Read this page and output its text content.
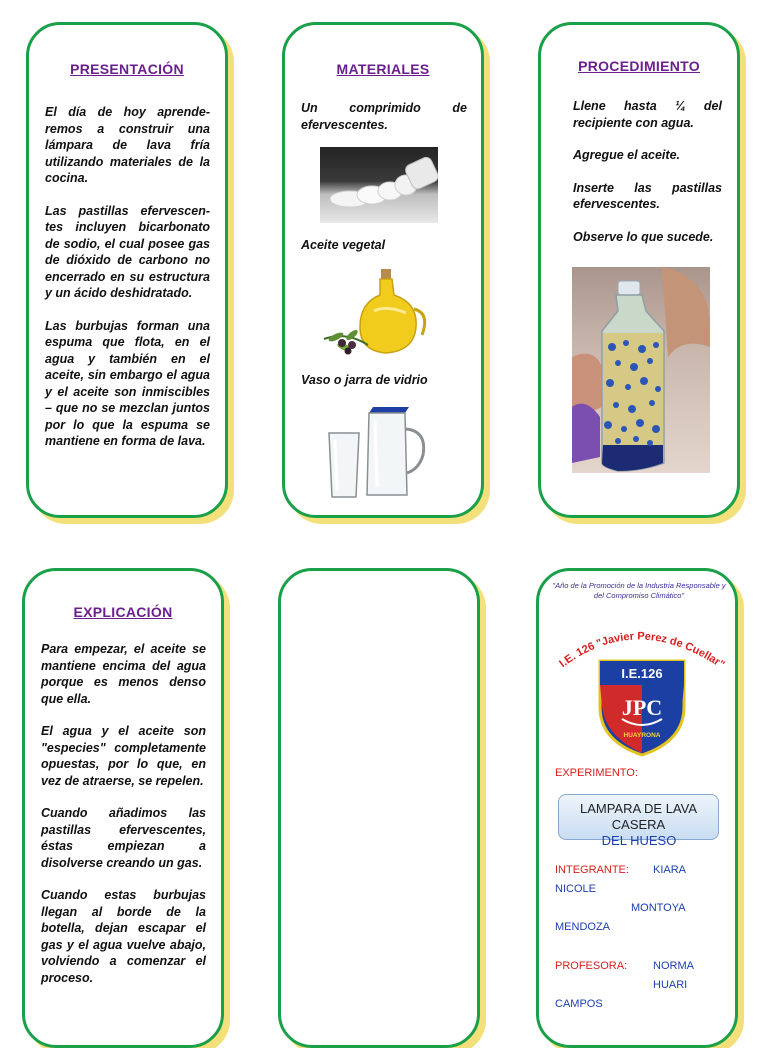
PRESENTACIÓN

El día de hoy aprende-remos a construir una lámpara de lava fría utilizando materiales de la cocina.

Las pastillas efervescen-tes incluyen bicarbonato de sodio, el cual posee gas de dióxido de carbono no encerrado en su estructura y un ácido deshidratado.

Las burbujas forman una espuma que flota, en el agua y también en el aceite, sin embargo el agua y el aceite son inmiscibles – que no se mezclan juntos por lo que la espuma se mantiene en forma de lava.

MATERIALES

Un comprimido de efervescentes.

Aceite vegetal

Vaso o jarra de vidrio

PROCEDIMIENTO

Llene hasta ¼ del recipiente con agua.

Agregue el aceite.

Inserte las pastillas efervescentes.

Observe lo que sucede.

EXPLICACIÓN

Para empezar, el aceite se mantiene encima del agua porque es menos denso que ella.

El agua y el aceite son "especies" completamente opuestas, por lo que, en vez de atraerse, se repelen.

Cuando añadimos las pastillas efervescentes, éstas empiezan a disolverse creando un gas.

Cuando estas burbujas llegan al borde de la botella, dejan escapar el gas y el agua vuelve abajo, volviendo a comenzar el proceso.

"Año de la Promoción de la Industria Responsable y del Compromiso Climático"
I.E. 126 "Javier Perez de Cuellar"
I.E.126
JPC
HUAYRONA
EXPERIMENTO:
LAMPARA DE LAVA CASERA
DEL HUESO
INTEGRANTE: KIARA
NICOLE
MONTOYA
MENDOZA
PROFESORA: NORMA
HUARI
CAMPOS
